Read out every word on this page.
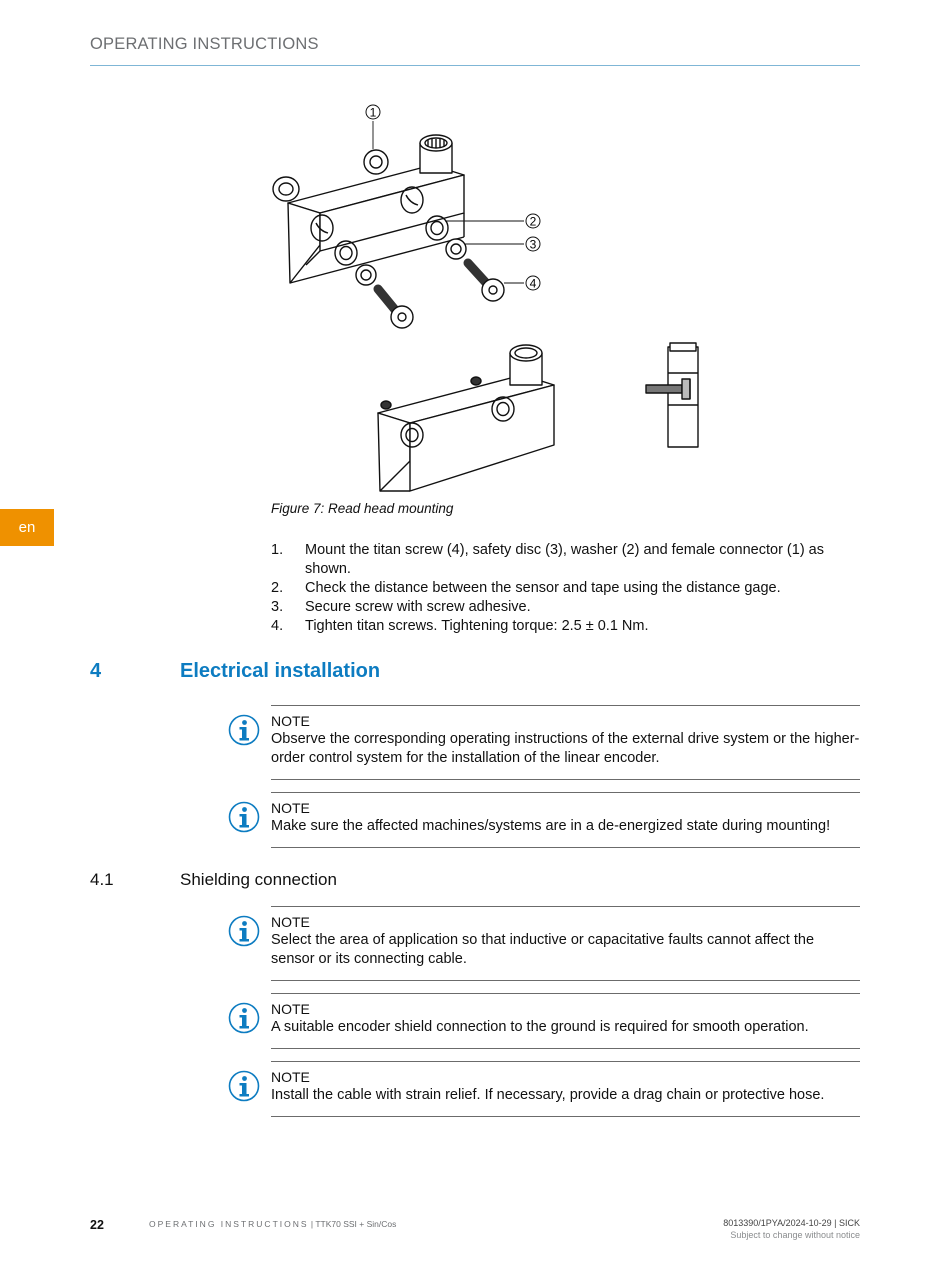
OPERATING INSTRUCTIONS
en
1
2
3
4
Figure 7: Read head mounting
1. Mount the titan screw (4), safety disc (3), washer (2) and female connector (1) as shown.
2. Check the distance between the sensor and tape using the distance gage.
3. Secure screw with screw adhesive.
4. Tighten titan screws. Tightening torque: 2.5 ± 0.1 Nm.
4	Electrical installation
NOTE
Observe the corresponding operating instructions of the external drive system or the higher-order control system for the installation of the linear encoder.
NOTE
Make sure the affected machines/systems are in a de-energized state during mounting!
4.1	Shielding connection
NOTE
Select the area of application so that inductive or capacitative faults cannot affect the sensor or its connecting cable.
NOTE
A suitable encoder shield connection to the ground is required for smooth operation.
NOTE
Install the cable with strain relief. If necessary, provide a drag chain or protective hose.
22	OPERATING INSTRUCTIONS | TTK70 SSI + Sin/Cos	8013390/1PYA/2024-10-29 | SICK
Subject to change without notice
